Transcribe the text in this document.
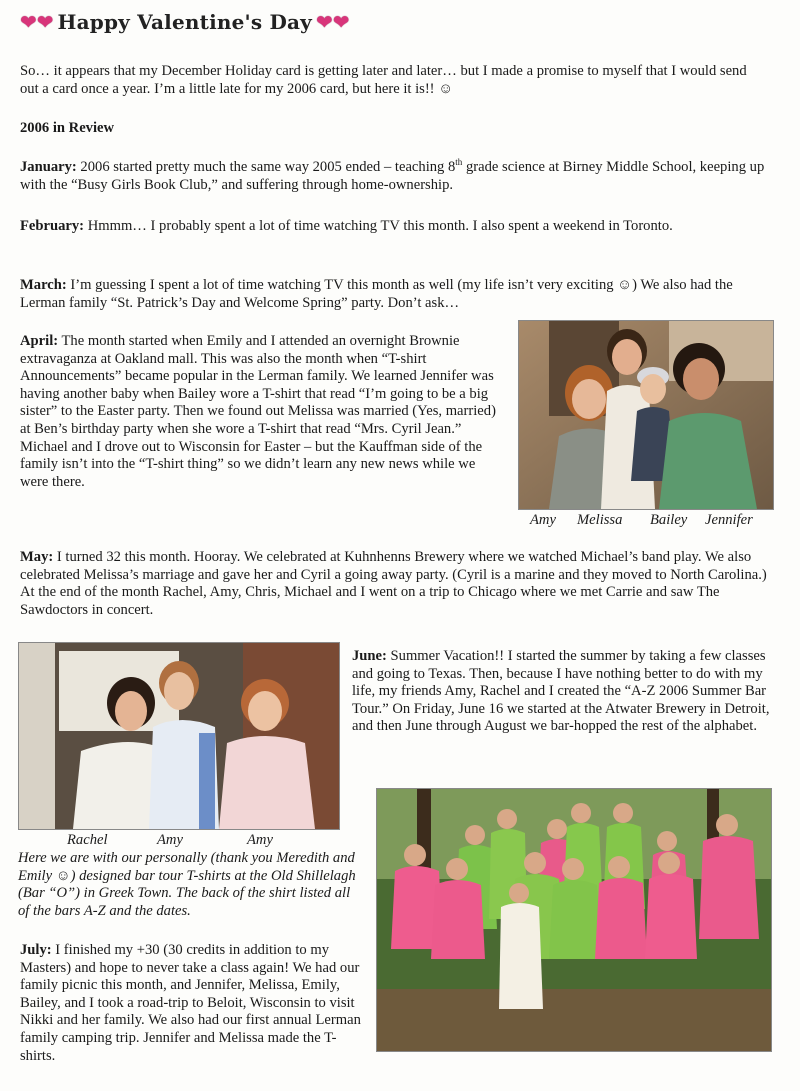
❤❤ Happy Valentine's Day ❤❤

So… it appears that my December Holiday card is getting later and later… but I made a promise to myself that I would send out a card once a year. I’m a little late for my 2006 card, but here it is!! ☺

2006 in Review

January: 2006 started pretty much the same way 2005 ended – teaching 8th grade science at Birney Middle School, keeping up with the “Busy Girls Book Club,” and suffering through home-ownership.

February: Hmmm… I probably spent a lot of time watching TV this month. I also spent a weekend in Toronto.

March: I’m guessing I spent a lot of time watching TV this month as well (my life isn’t very exciting ☺) We also had the Lerman family “St. Patrick’s Day and Welcome Spring” party. Don’t ask…

April: The month started when Emily and I attended an overnight Brownie extravaganza at Oakland mall. This was also the month when “T-shirt Announcements” became popular in the Lerman family. We learned Jennifer was having another baby when Bailey wore a T-shirt that read “I’m going to be a big sister” to the Easter party. Then we found out Melissa was married (Yes, married) at Ben’s birthday party when she wore a T-shirt that read “Mrs. Cyril Jean.” Michael and I drove out to Wisconsin for Easter – but the Kauffman side of the family isn’t into the “T-shirt thing” so we didn’t learn any new news while we were there.

Amy	Melissa	Bailey	Jennifer

May: I turned 32 this month. Hooray. We celebrated at Kuhnhenns Brewery where we watched Michael’s band play. We also celebrated Melissa’s marriage and gave her and Cyril a going away party. (Cyril is a marine and they moved to North Carolina.) At the end of the month Rachel, Amy, Chris, Michael and I went on a trip to Chicago where we met Carrie and saw The Sawdoctors in concert.

Rachel	Amy	Amy

Here we are with our personally (thank you Meredith and Emily ☺) designed bar tour T-shirts at the Old Shillelagh (Bar “O”) in Greek Town. The back of the shirt listed all of the bars A-Z and the dates.

June: Summer Vacation!! I started the summer by taking a few classes and going to Texas. Then, because I have nothing better to do with my life, my friends Amy, Rachel and I created the “A-Z 2006 Summer Bar Tour.” On Friday, June 16 we started at the Atwater Brewery in Detroit, and then June through August we bar-hopped the rest of the alphabet.

July: I finished my +30 (30 credits in addition to my Masters) and hope to never take a class again! We had our family picnic this month, and Jennifer, Melissa, Emily, Bailey, and I took a road-trip to Beloit, Wisconsin to visit Nikki and her family. We also had our first annual Lerman family camping trip. Jennifer and Melissa made the T-shirts.
